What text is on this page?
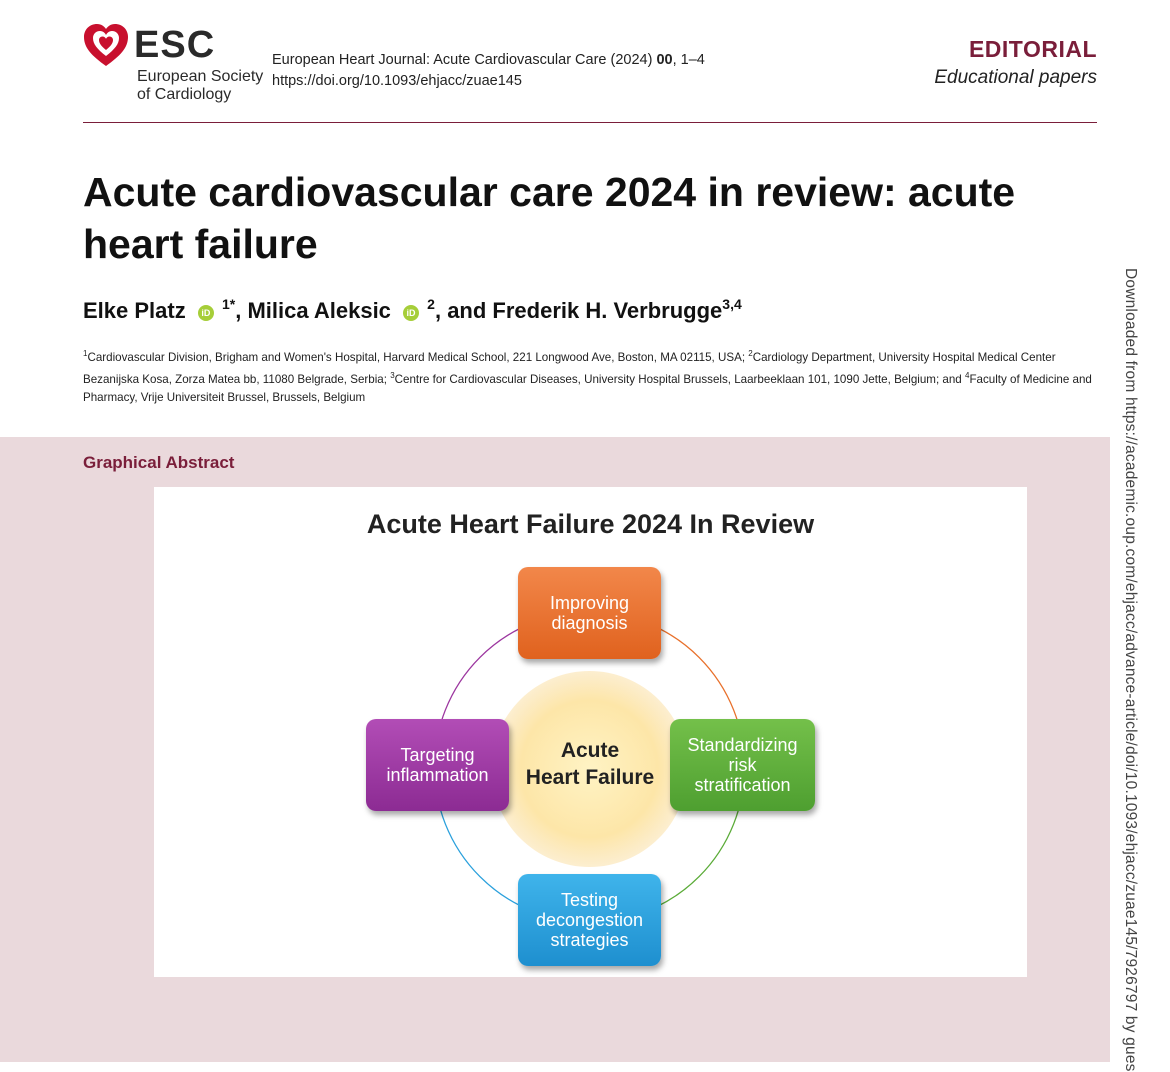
ESC
European Society
of Cardiology
European Heart Journal: Acute Cardiovascular Care (2024) 00, 1–4
https://doi.org/10.1093/ehjacc/zuae145
EDITORIAL
Educational papers
Acute cardiovascular care 2024 in review: acute heart failure
Elke Platz iD $^{1*}$, Milica Aleksic iD $^2$, and Frederik H. Verbrugge$^{3,4}$
$^1$Cardiovascular Division, Brigham and Women's Hospital, Harvard Medical School, 221 Longwood Ave, Boston, MA 02115, USA; $^2$Cardiology Department, University Hospital Medical Center Bezanijska Kosa, Zorza Matea bb, 11080 Belgrade, Serbia; $^3$Centre for Cardiovascular Diseases, University Hospital Brussels, Laarbeeklaan 101, 1090 Jette, Belgium; and $^4$Faculty of Medicine and Pharmacy, Vrije Universiteit Brussel, Brussels, Belgium	Downloaded from https://academic.oup.com/ehjacc/advance-article/doi/10.1093/ehjacc/zuae145/7926797 by gues
Graphical Abstract
Acute Heart Failure 2024 In Review
Acute
Heart Failure
Improving
diagnosis
Standardizing
risk
stratification
Targeting
inflammation
Testing
decongestion
strategies
